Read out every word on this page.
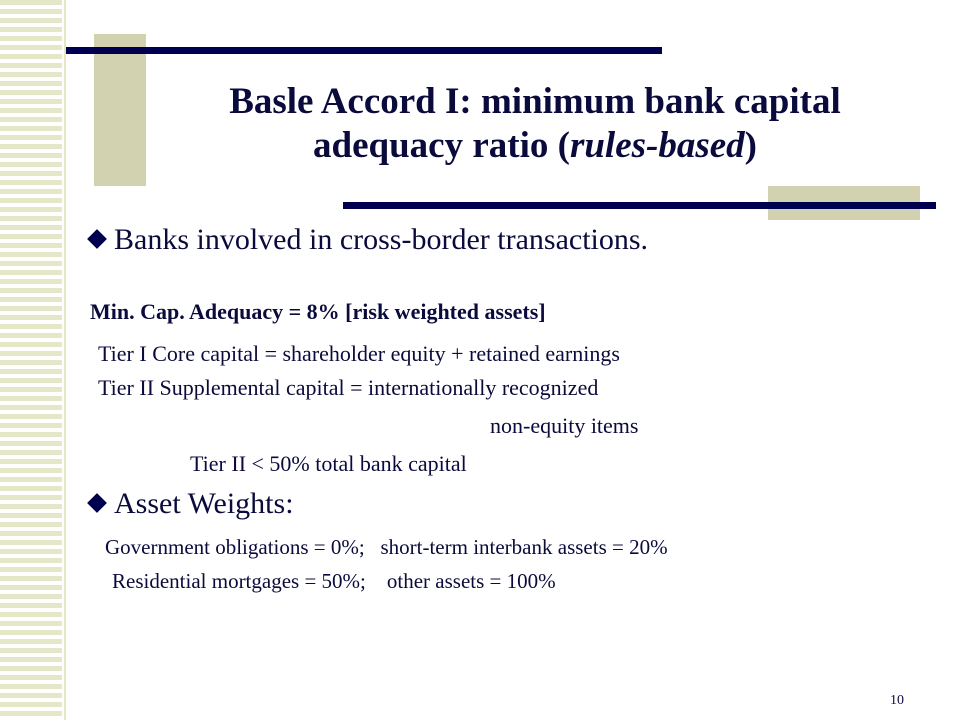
Basle Accord I: minimum bank capital adequacy ratio (rules-based)
Banks involved in cross-border transactions.
Min. Cap. Adequacy = 8% [risk weighted assets]
Tier I Core capital = shareholder equity + retained earnings
Tier II Supplemental capital = internationally recognized
non-equity items
Tier II < 50% total bank capital
Asset Weights:
Government obligations = 0%;   short-term interbank assets = 20%
Residential mortgages = 50%;    other assets = 100%
10
